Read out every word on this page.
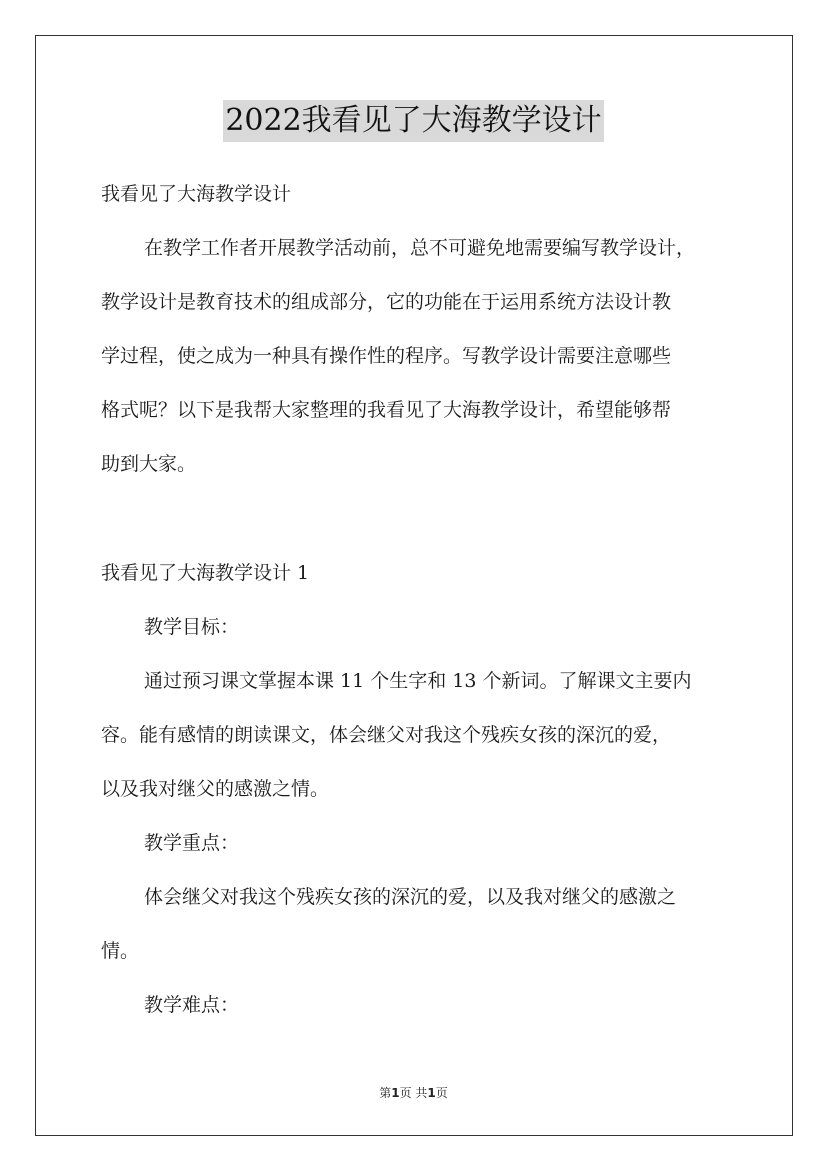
2022我看见了大海教学设计
我看见了大海教学设计
在教学工作者开展教学活动前，总不可避免地需要编写教学设计，
教学设计是教育技术的组成部分，它的功能在于运用系统方法设计教
学过程，使之成为一种具有操作性的程序。写教学设计需要注意哪些
格式呢？以下是我帮大家整理的我看见了大海教学设计，希望能够帮
助到大家。
我看见了大海教学设计 1
教学目标：
通过预习课文掌握本课 11 个生字和 13 个新词。了解课文主要内
容。能有感情的朗读课文，体会继父对我这个残疾女孩的深沉的爱，
以及我对继父的感激之情。
教学重点：
体会继父对我这个残疾女孩的深沉的爱，以及我对继父的感激之
情。
教学难点：
第1页 共1页
